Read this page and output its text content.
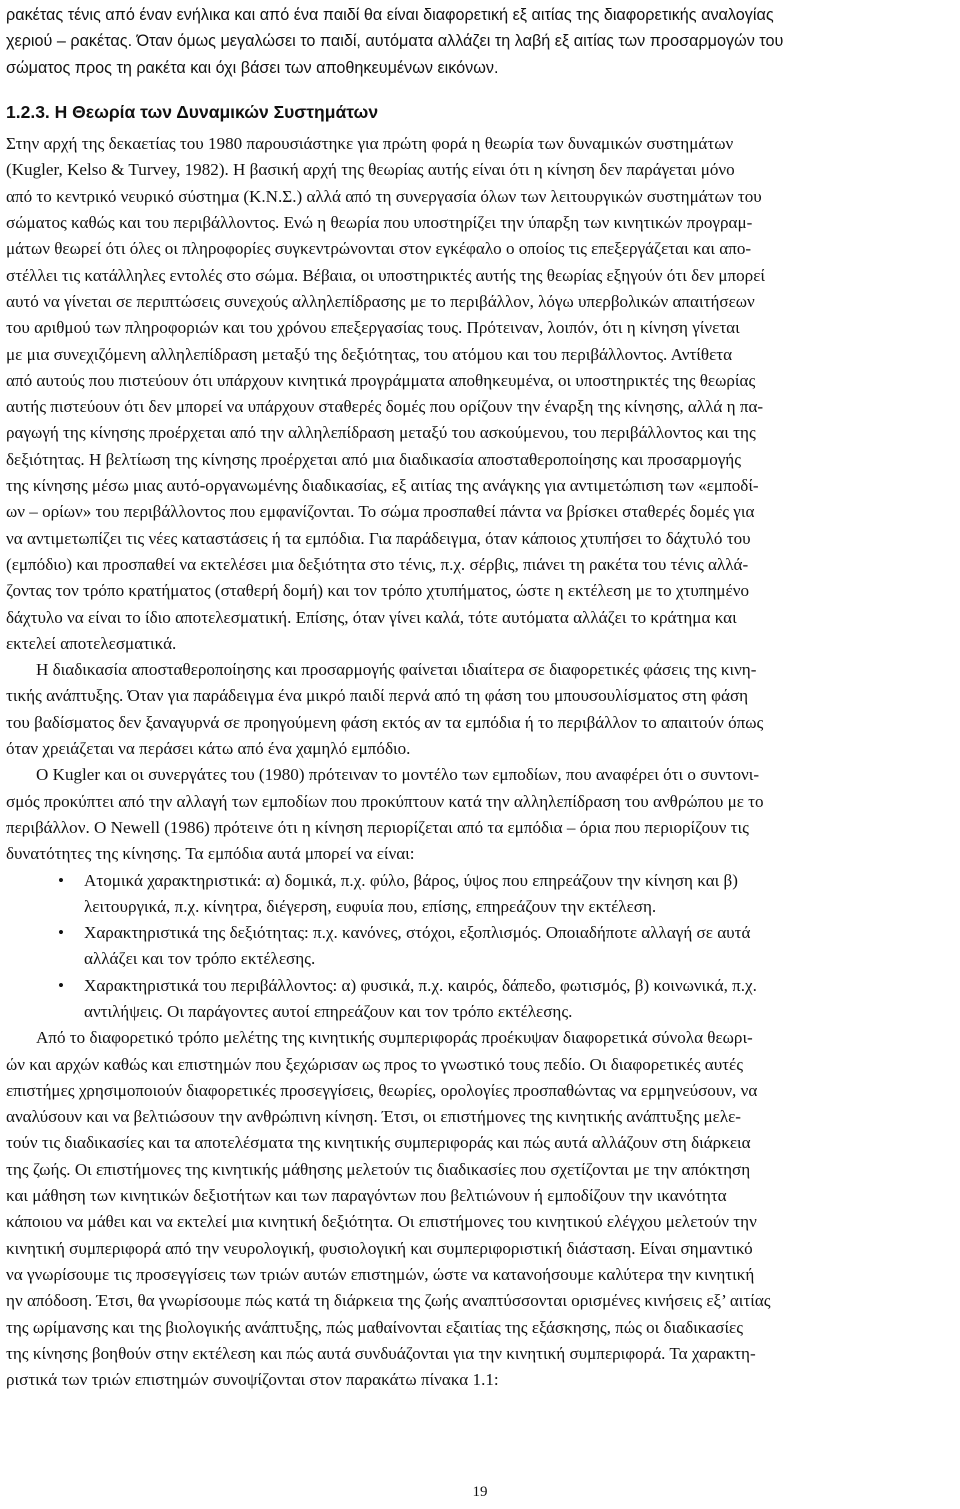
ρακέτας τένις από έναν ενήλικα και από ένα παιδί θα είναι διαφορετική εξ αιτίας της διαφορετικής αναλογίας
χεριού – ρακέτας. Όταν όμως μεγαλώσει το παιδί, αυτόματα αλλάζει τη λαβή εξ αιτίας των προσαρμογών του
σώματος προς τη ρακέτα και όχι βάσει των αποθηκευμένων εικόνων.

1.2.3. Η Θεωρία των Δυναμικών Συστημάτων

Στην αρχή της δεκαετίας του 1980 παρουσιάστηκε για πρώτη φορά η θεωρία των δυναμικών συστημάτων
(Kugler, Kelso & Turvey, 1982). Η βασική αρχή της θεωρίας αυτής είναι ότι η κίνηση δεν παράγεται μόνο
από το κεντρικό νευρικό σύστημα (Κ.Ν.Σ.) αλλά από τη συνεργασία όλων των λειτουργικών συστημάτων του
σώματος καθώς και του περιβάλλοντος. Ενώ η θεωρία που υποστηρίζει την ύπαρξη των κινητικών προγραμ-
μάτων θεωρεί ότι όλες οι πληροφορίες συγκεντρώνονται στον εγκέφαλο ο οποίος τις επεξεργάζεται και απο-
στέλλει τις κατάλληλες εντολές στο σώμα. Βέβαια, οι υποστηρικτές αυτής της θεωρίας εξηγούν ότι δεν μπορεί
αυτό να γίνεται σε περιπτώσεις συνεχούς αλληλεπίδρασης με το περιβάλλον, λόγω υπερβολικών απαιτήσεων
του αριθμού των πληροφοριών και του χρόνου επεξεργασίας τους. Πρότειναν, λοιπόν, ότι η κίνηση γίνεται
με μια συνεχιζόμενη αλληλεπίδραση μεταξύ της δεξιότητας, του ατόμου και του περιβάλλοντος. Αντίθετα
από αυτούς που πιστεύουν ότι υπάρχουν κινητικά προγράμματα αποθηκευμένα, οι υποστηρικτές της θεωρίας
αυτής πιστεύουν ότι δεν μπορεί να υπάρχουν σταθερές δομές που ορίζουν την έναρξη της κίνησης, αλλά η πα-
ραγωγή της κίνησης προέρχεται από την αλληλεπίδραση μεταξύ του ασκούμενου, του περιβάλλοντος και της
δεξιότητας. Η βελτίωση της κίνησης προέρχεται από μια διαδικασία αποσταθεροποίησης και προσαρμογής
της κίνησης μέσω μιας αυτό-οργανωμένης διαδικασίας, εξ αιτίας της ανάγκης για αντιμετώπιση των «εμποδί-
ων – ορίων» του περιβάλλοντος που εμφανίζονται. Το σώμα προσπαθεί πάντα να βρίσκει σταθερές δομές για
να αντιμετωπίζει τις νέες καταστάσεις ή τα εμπόδια. Για παράδειγμα, όταν κάποιος χτυπήσει το δάχτυλό του
(εμπόδιο) και προσπαθεί να εκτελέσει μια δεξιότητα στο τένις, π.χ. σέρβις, πιάνει τη ρακέτα του τένις αλλά-
ζοντας τον τρόπο κρατήματος (σταθερή δομή) και τον τρόπο χτυπήματος, ώστε η εκτέλεση με το χτυπημένο
δάχτυλο να είναι το ίδιο αποτελεσματική. Επίσης, όταν γίνει καλά, τότε αυτόματα αλλάζει το κράτημα και
εκτελεί αποτελεσματικά.

Η διαδικασία αποσταθεροποίησης και προσαρμογής φαίνεται ιδιαίτερα σε διαφορετικές φάσεις της κινη-
τικής ανάπτυξης. Όταν για παράδειγμα ένα μικρό παιδί περνά από τη φάση του μπουσουλίσματος στη φάση
του βαδίσματος δεν ξαναγυρνά σε προηγούμενη φάση εκτός αν τα εμπόδια ή το περιβάλλον το απαιτούν όπως
όταν χρειάζεται να περάσει κάτω από ένα χαμηλό εμπόδιο.

Ο Kugler και οι συνεργάτες του (1980) πρότειναν το μοντέλο των εμποδίων, που αναφέρει ότι ο συντονι-
σμός προκύπτει από την αλλαγή των εμποδίων που προκύπτουν κατά την αλληλεπίδραση του ανθρώπου με το
περιβάλλον. Ο Newell (1986) πρότεινε ότι η κίνηση περιορίζεται από τα εμπόδια – όρια που περιορίζουν τις
δυνατότητες της κίνησης. Τα εμπόδια αυτά μπορεί να είναι:

• Ατομικά χαρακτηριστικά: α) δομικά, π.χ. φύλο, βάρος, ύψος που επηρεάζουν την κίνηση και β)
λειτουργικά, π.χ. κίνητρα, διέγερση, ευφυία που, επίσης, επηρεάζουν την εκτέλεση.
• Χαρακτηριστικά της δεξιότητας: π.χ. κανόνες, στόχοι, εξοπλισμός. Οποιαδήποτε αλλαγή σε αυτά
αλλάζει και τον τρόπο εκτέλεσης.
• Χαρακτηριστικά του περιβάλλοντος: α) φυσικά, π.χ. καιρός, δάπεδο, φωτισμός, β) κοινωνικά, π.χ.
αντιλήψεις. Οι παράγοντες αυτοί επηρεάζουν και τον τρόπο εκτέλεσης.

Από το διαφορετικό τρόπο μελέτης της κινητικής συμπεριφοράς προέκυψαν διαφορετικά σύνολα θεωρι-
ών και αρχών καθώς και επιστημών που ξεχώρισαν ως προς το γνωστικό τους πεδίο. Οι διαφορετικές αυτές
επιστήμες χρησιμοποιούν διαφορετικές προσεγγίσεις, θεωρίες, ορολογίες προσπαθώντας να ερμηνεύσουν, να
αναλύσουν και να βελτιώσουν την ανθρώπινη κίνηση. Έτσι, οι επιστήμονες της κινητικής ανάπτυξης μελε-
τούν τις διαδικασίες και τα αποτελέσματα της κινητικής συμπεριφοράς και πώς αυτά αλλάζουν στη διάρκεια
της ζωής. Οι επιστήμονες της κινητικής μάθησης μελετούν τις διαδικασίες που σχετίζονται με την απόκτηση
και μάθηση των κινητικών δεξιοτήτων και των παραγόντων που βελτιώνουν ή εμποδίζουν την ικανότητα
κάποιου να μάθει και να εκτελεί μια κινητική δεξιότητα. Οι επιστήμονες του κινητικού ελέγχου μελετούν την
κινητική συμπεριφορά από την νευρολογική, φυσιολογική και συμπεριφοριστική διάσταση. Είναι σημαντικό
να γνωρίσουμε τις προσεγγίσεις των τριών αυτών επιστημών, ώστε να κατανοήσουμε καλύτερα την κινητική
ην απόδοση. Έτσι, θα γνωρίσουμε πώς κατά τη διάρκεια της ζωής αναπτύσσονται ορισμένες κινήσεις εξ’ αιτίας
της ωρίμανσης και της βιολογικής ανάπτυξης, πώς μαθαίνονται εξαιτίας της εξάσκησης, πώς οι διαδικασίες
της κίνησης βοηθούν στην εκτέλεση και πώς αυτά συνδυάζονται για την κινητική συμπεριφορά. Τα χαρακτη-
ριστικά των τριών επιστημών συνοψίζονται στον παρακάτω πίνακα 1.1:

19
